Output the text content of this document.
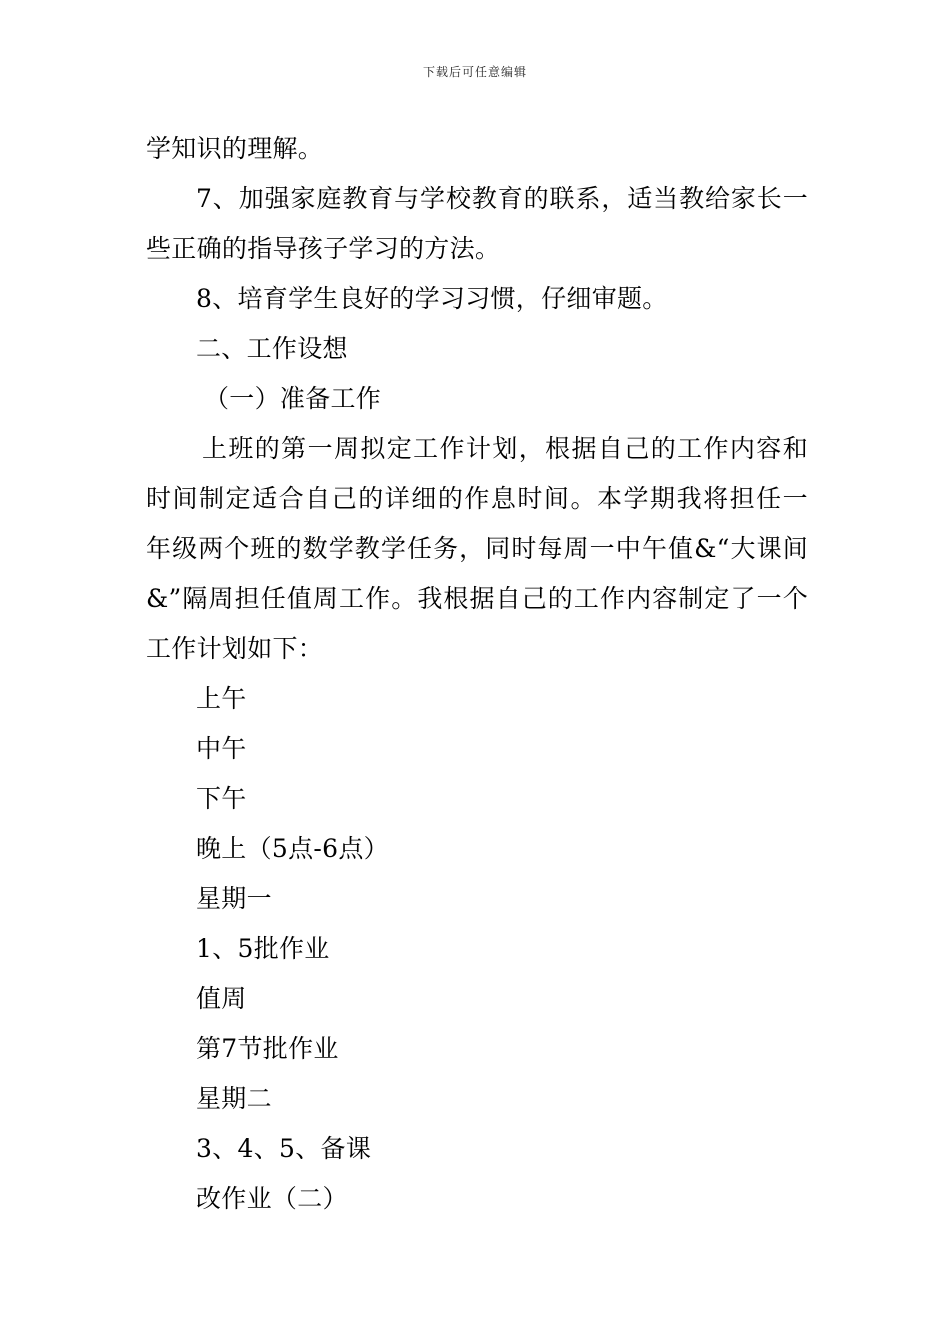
下载后可任意编辑
学知识的理解。
7、加强家庭教育与学校教育的联系，适当教给家长一
些正确的指导孩子学习的方法。
8、培育学生良好的学习习惯，仔细审题。
二、工作设想
（一）准备工作
上班的第一周拟定工作计划，根据自己的工作内容和
时间制定适合自己的详细的作息时间。本学期我将担任一
年级两个班的数学教学任务，同时每周一中午值&“大课间
&”隔周担任值周工作。我根据自己的工作内容制定了一个
工作计划如下：
上午
中午
下午
晚上（5点-6点）
星期一
1、5批作业
值周
第7节批作业
星期二
3、4、5、备课
改作业（二）
